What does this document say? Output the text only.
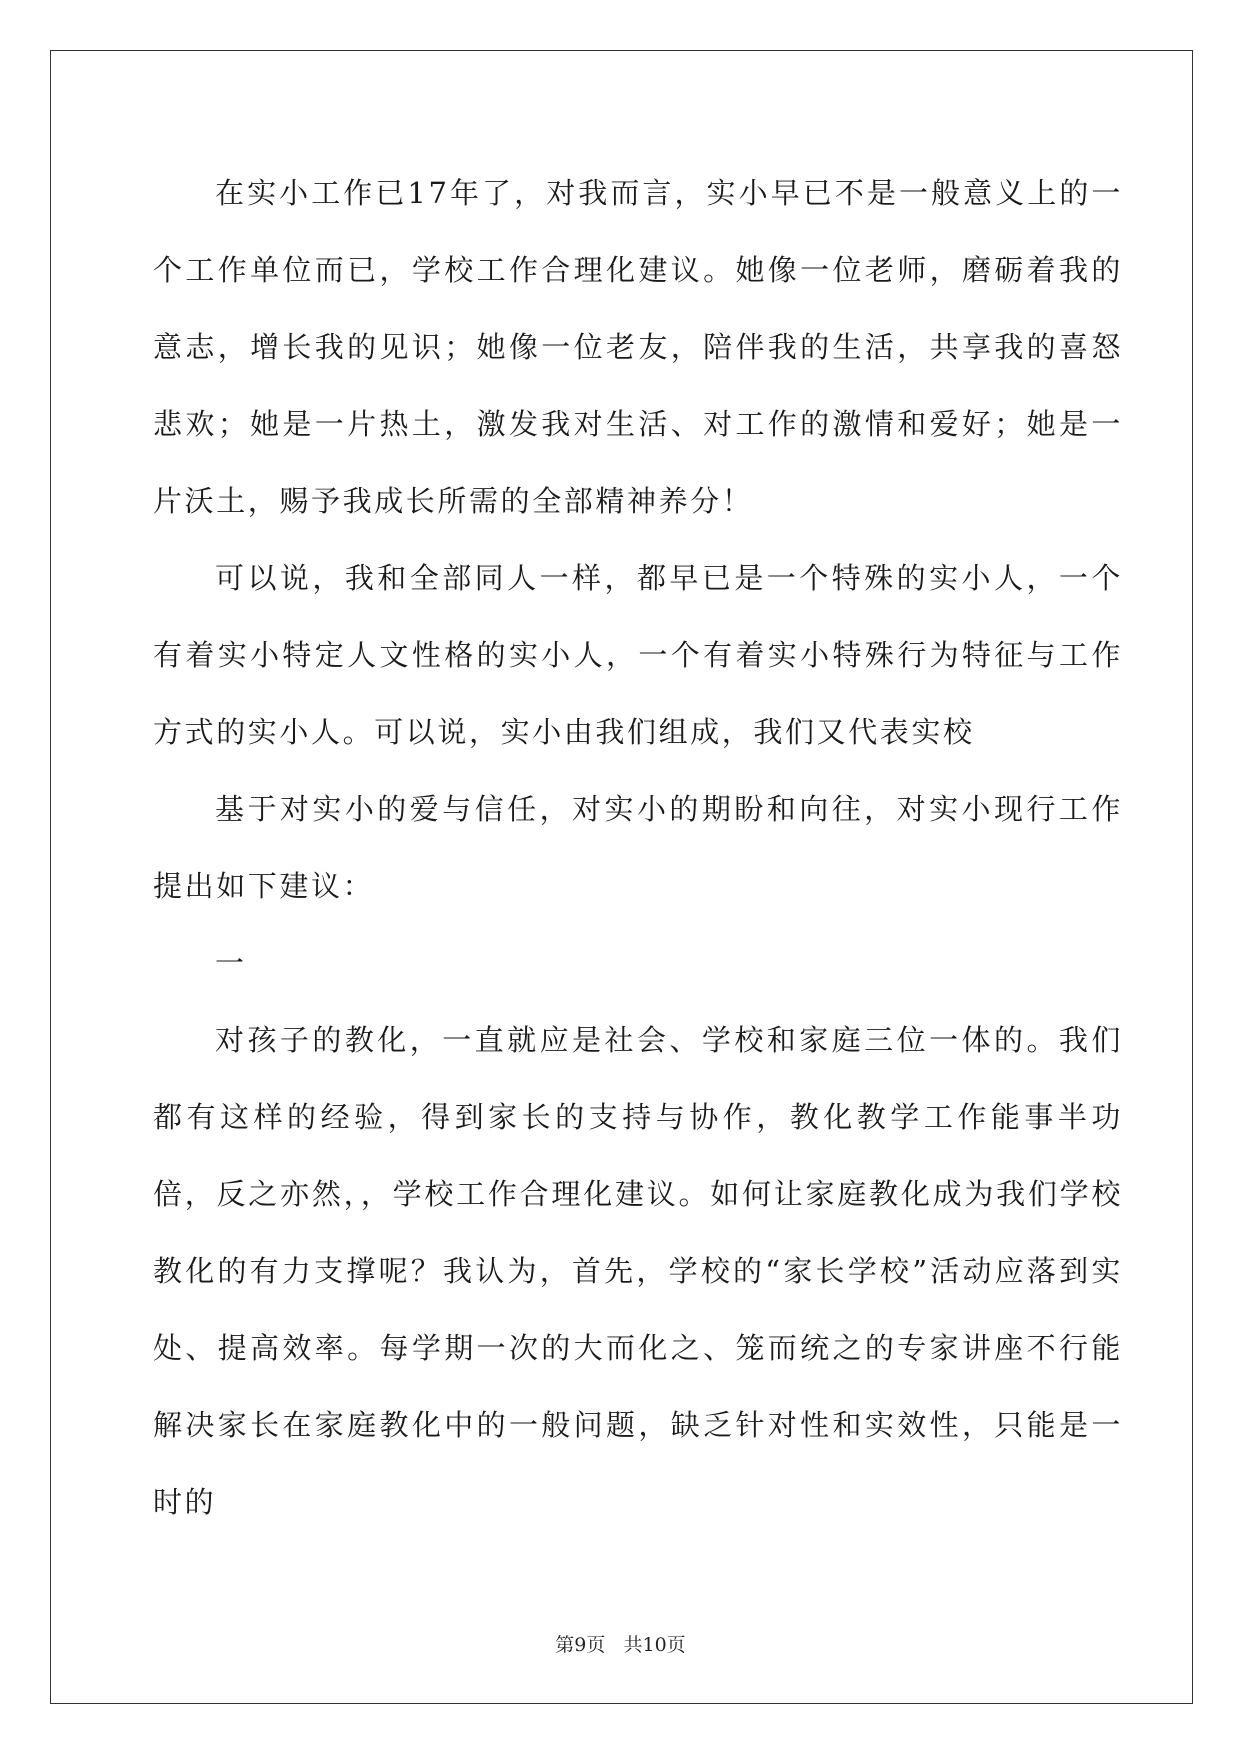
在实小工作已17年了，对我而言，实小早已不是一般意义上的一个工作单位而已，学校工作合理化建议。她像一位老师，磨砺着我的意志，增长我的见识；她像一位老友，陪伴我的生活，共享我的喜怒悲欢；她是一片热土，激发我对生活、对工作的激情和爱好；她是一片沃土，赐予我成长所需的全部精神养分！

可以说，我和全部同人一样，都早已是一个特殊的实小人，一个有着实小特定人文性格的实小人，一个有着实小特殊行为特征与工作方式的实小人。可以说，实小由我们组成，我们又代表实校

基于对实小的爱与信任，对实小的期盼和向往，对实小现行工作提出如下建议：

一

对孩子的教化，一直就应是社会、学校和家庭三位一体的。我们都有这样的经验，得到家长的支持与协作，教化教学工作能事半功倍，反之亦然，，学校工作合理化建议。如何让家庭教化成为我们学校教化的有力支撑呢？我认为，首先，学校的“家长学校”活动应落到实处、提高效率。每学期一次的大而化之、笼而统之的专家讲座不行能解决家长在家庭教化中的一般问题，缺乏针对性和实效性，只能是一时的

第9页   共10页
